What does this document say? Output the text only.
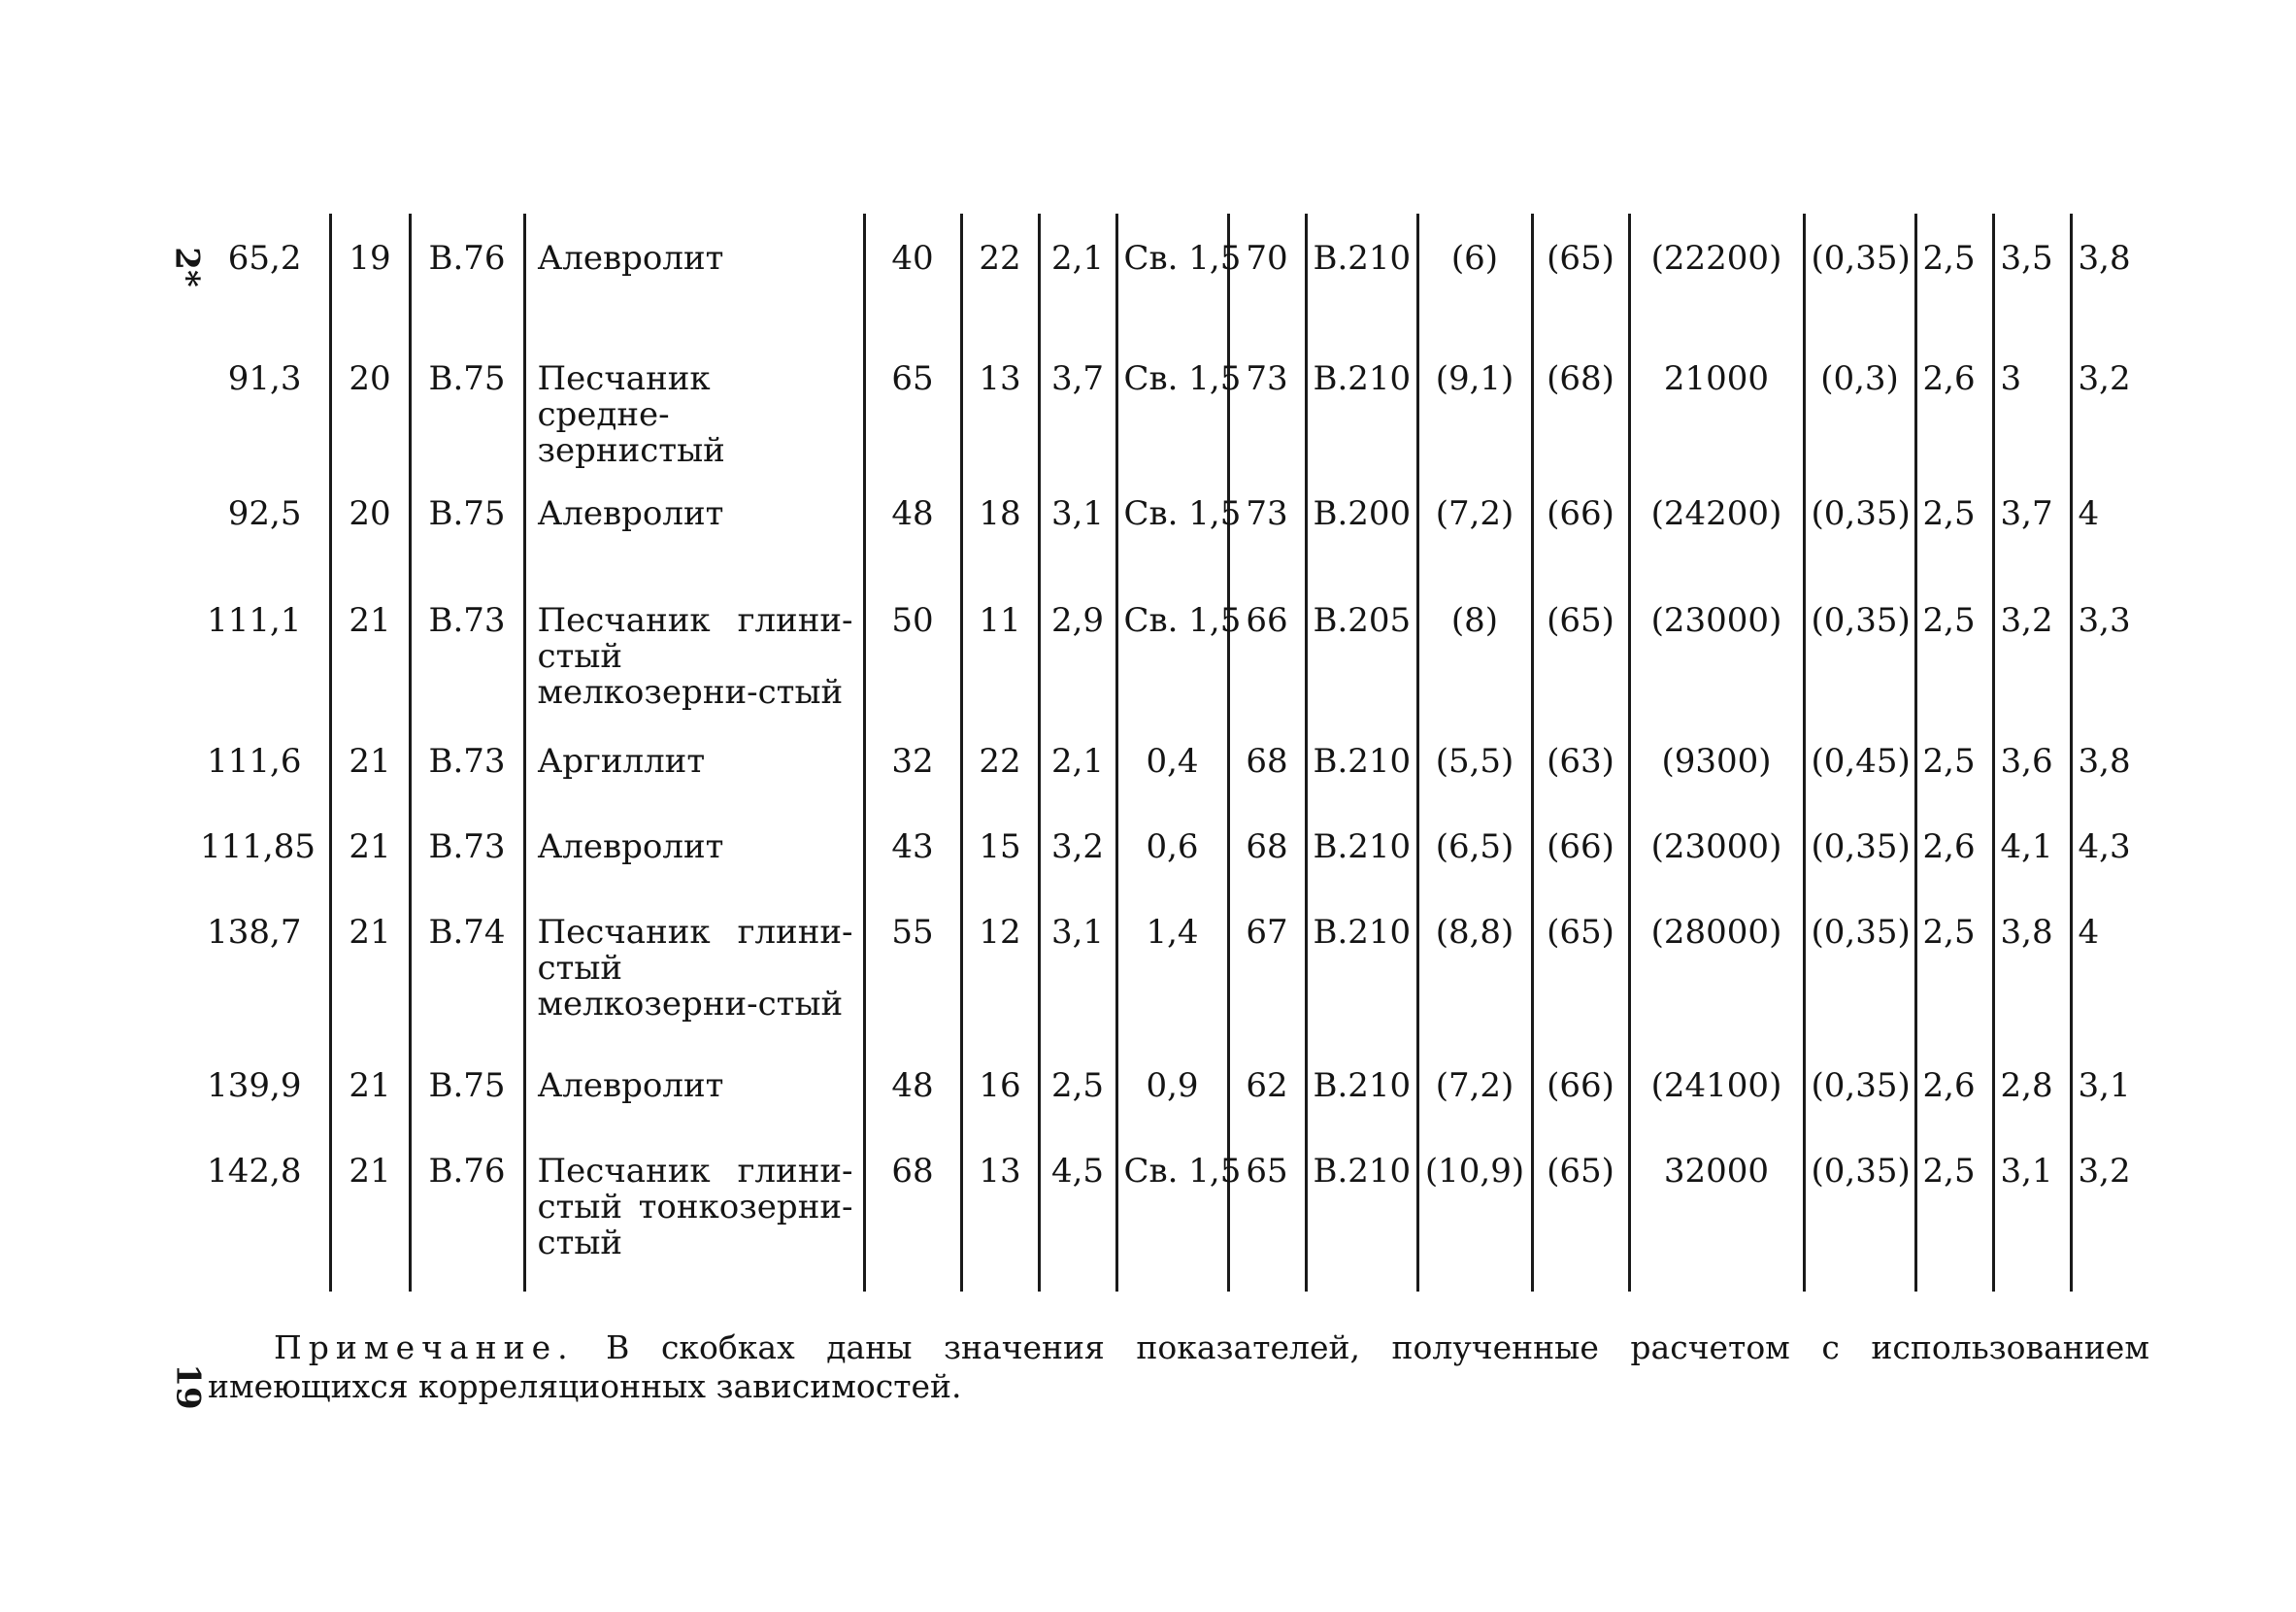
2*
19
65,2	19	В.76	Алевролит	40	22	2,1	Св. 1,5	70	В.210	(6)	(65)	(22200)	(0,35)	2,5	3,5	3,8
91,3	20	В.75	Песчаник средне-зернистый	65	13	3,7	Св. 1,5	73	В.210	(9,1)	(68)	21000	(0,3)	2,6	3	3,2
92,5	20	В.75	Алевролит	48	18	3,1	Св. 1,5	73	В.200	(7,2)	(66)	(24200)	(0,35)	2,5	3,7	4
111,1	21	В.73	Песчаник глини-стый мелкозерни-стый	50	11	2,9	Св. 1,5	66	В.205	(8)	(65)	(23000)	(0,35)	2,5	3,2	3,3
111,6	21	В.73	Аргиллит	32	22	2,1	0,4	68	В.210	(5,5)	(63)	(9300)	(0,45)	2,5	3,6	3,8
111,85	21	В.73	Алевролит	43	15	3,2	0,6	68	В.210	(6,5)	(66)	(23000)	(0,35)	2,6	4,1	4,3
138,7	21	В.74	Песчаник глини-стый мелкозерни-стый	55	12	3,1	1,4	67	В.210	(8,8)	(65)	(28000)	(0,35)	2,5	3,8	4
139,9	21	В.75	Алевролит	48	16	2,5	0,9	62	В.210	(7,2)	(66)	(24100)	(0,35)	2,6	2,8	3,1
142,8	21	В.76	Песчаник глини-стый тонкозерни-стый	68	13	4,5	Св. 1,5	65	В.210	(10,9)	(65)	32000	(0,35)	2,5	3,1	3,2
Примечание. В скобках даны значения показателей, полученные расчетом с использованием имеющихся корреляционных зависимостей.
